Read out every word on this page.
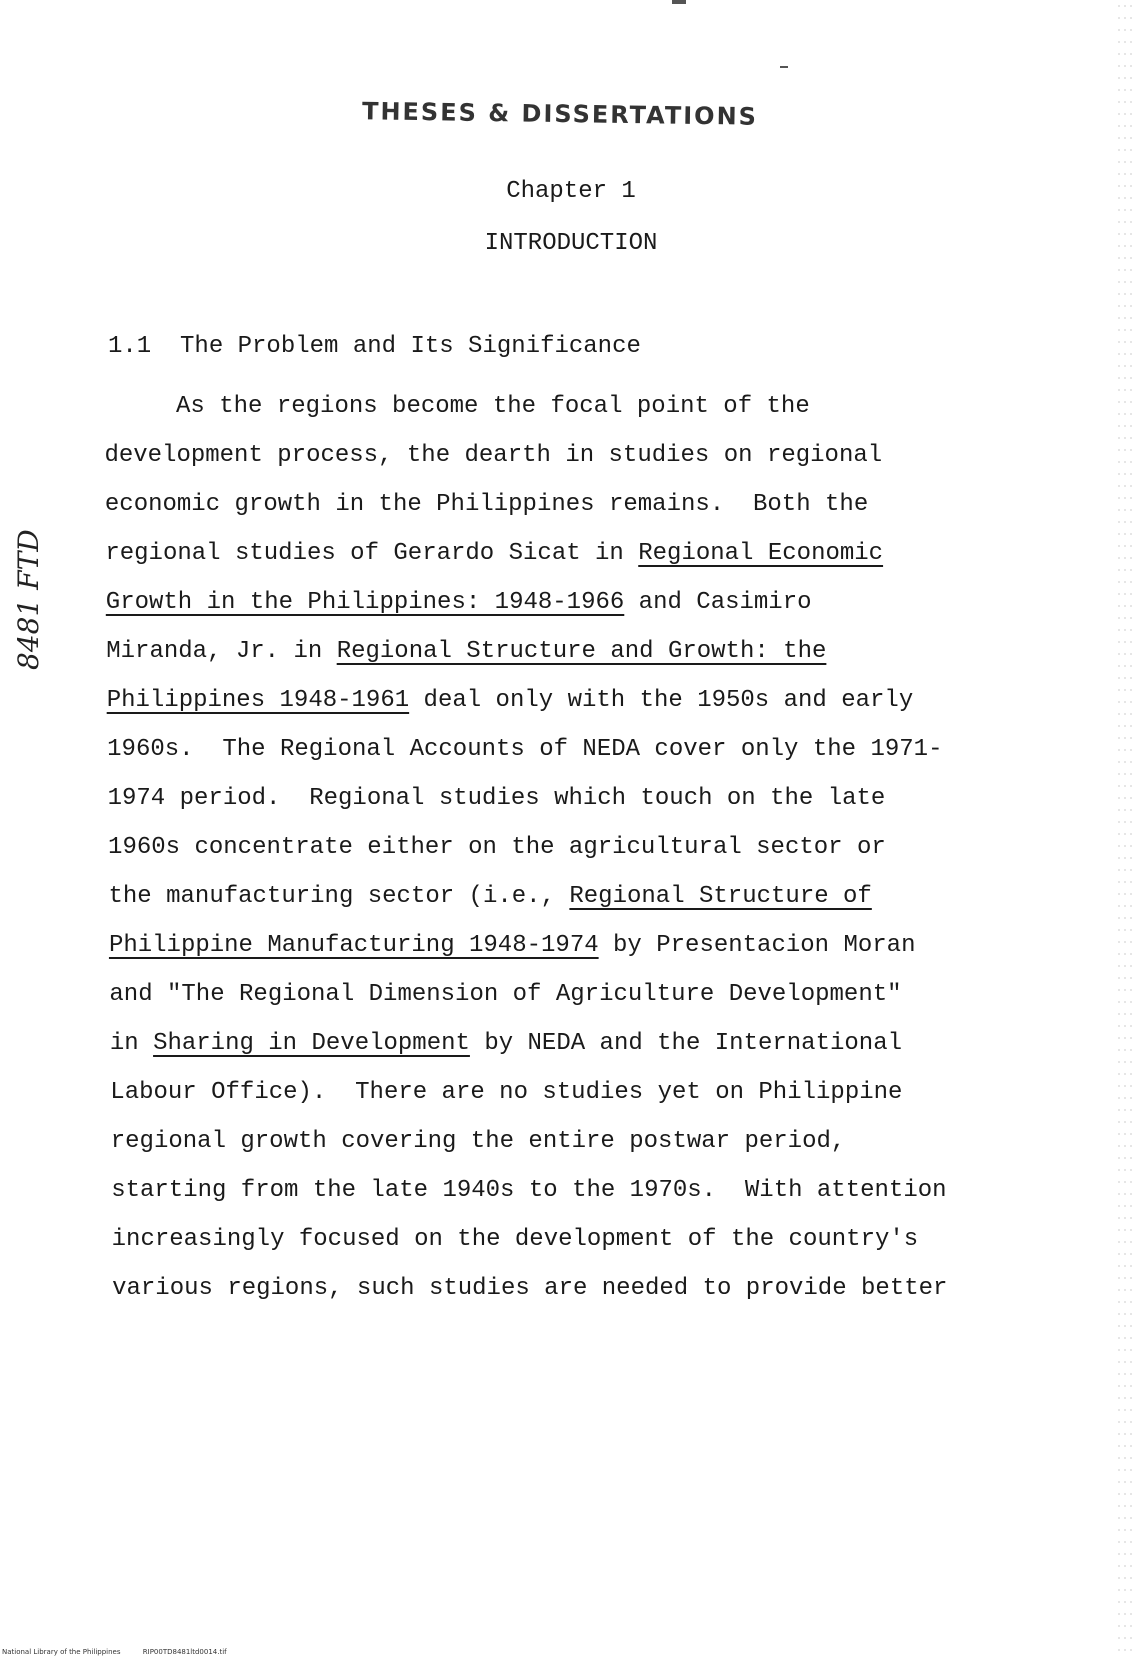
THESES & DISSERTATIONS
Chapter 1
INTRODUCTION
1.1  The Problem and Its Significance
As the regions become the focal point of the
development process, the dearth in studies on regional
economic growth in the Philippines remains.  Both the
regional studies of Gerardo Sicat in Regional Economic
Growth in the Philippines: 1948-1966 and Casimiro
Miranda, Jr. in Regional Structure and Growth: the
Philippines 1948-1961 deal only with the 1950s and early
1960s.  The Regional Accounts of NEDA cover only the 1971-
1974 period.  Regional studies which touch on the late
1960s concentrate either on the agricultural sector or
the manufacturing sector (i.e., Regional Structure of
Philippine Manufacturing 1948-1974 by Presentacion Moran
and "The Regional Dimension of Agriculture Development"
in Sharing in Development by NEDA and the International
Labour Office).  There are no studies yet on Philippine
regional growth covering the entire postwar period,
starting from the late 1940s to the 1970s.  With attention
increasingly focused on the development of the country's
various regions, such studies are needed to provide better
8481 FTD
National Library of the Philippines	RIP00TD8481ltd0014.tif
